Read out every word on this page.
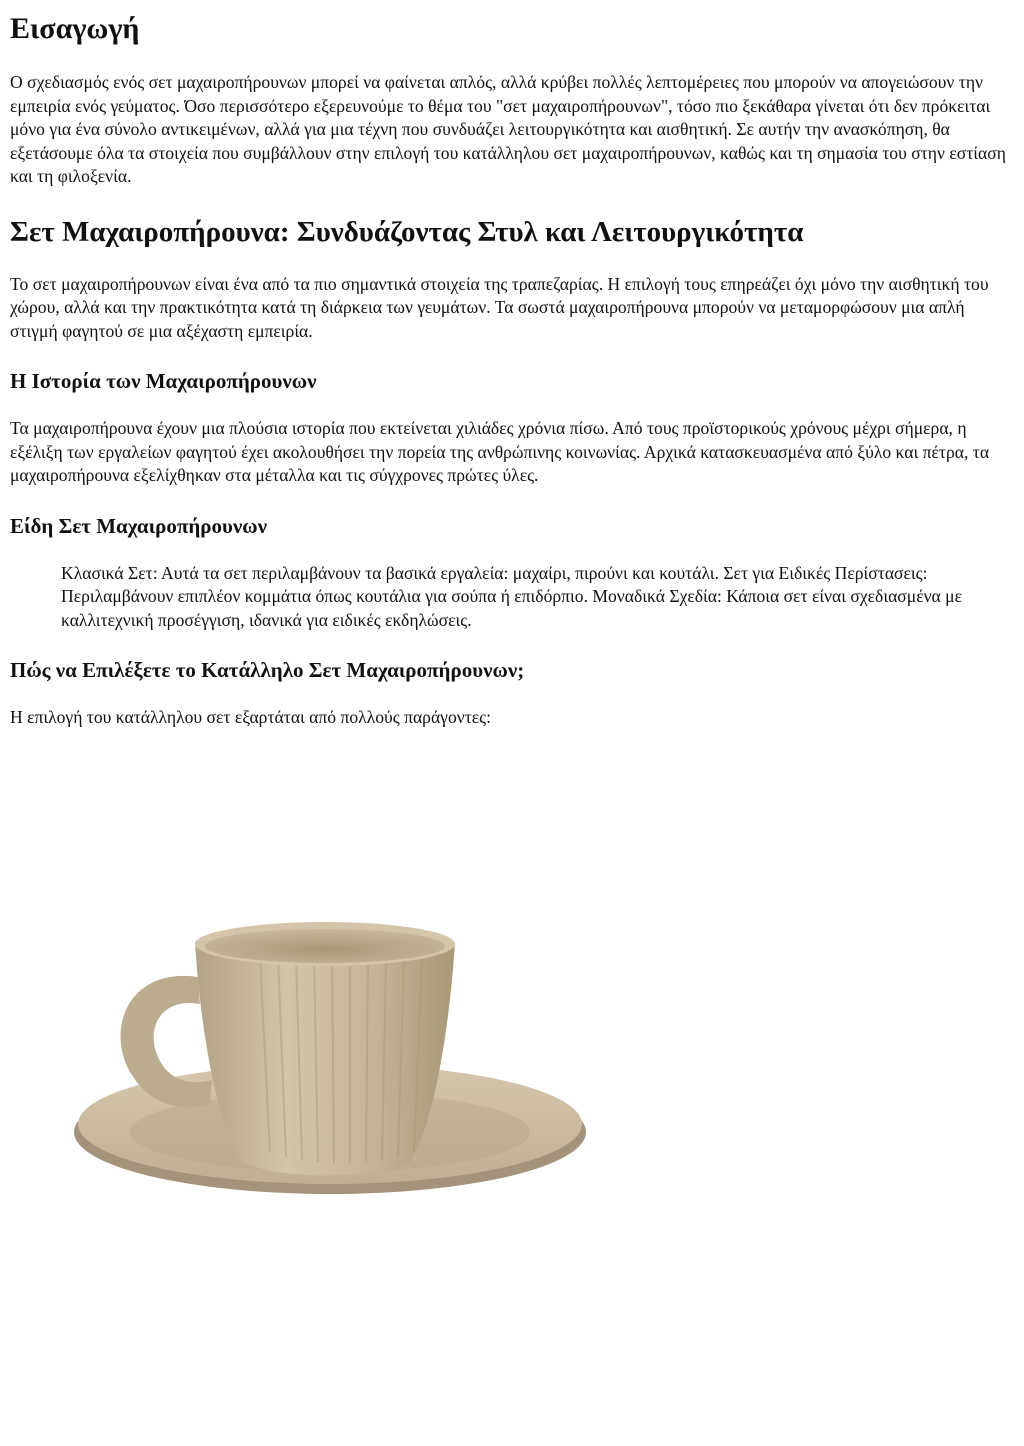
Εισαγωγή

Ο σχεδιασμός ενός σετ μαχαιροπήρουνων μπορεί να φαίνεται απλός, αλλά κρύβει πολλές λεπτομέρειες που μπορούν να απογειώσουν την εμπειρία ενός γεύματος. Όσο περισσότερο εξερευνούμε το θέμα του "σετ μαχαιροπήρουνων", τόσο πιο ξεκάθαρα γίνεται ότι δεν πρόκειται μόνο για ένα σύνολο αντικειμένων, αλλά για μια τέχνη που συνδυάζει λειτουργικότητα και αισθητική. Σε αυτήν την ανασκόπηση, θα εξετάσουμε όλα τα στοιχεία που συμβάλλουν στην επιλογή του κατάλληλου σετ μαχαιροπήρουνων, καθώς και τη σημασία του στην εστίαση και τη φιλοξενία.

Σετ Μαχαιροπήρουνα: Συνδυάζοντας Στυλ και Λειτουργικότητα

Το σετ μαχαιροπήρουνων είναι ένα από τα πιο σημαντικά στοιχεία της τραπεζαρίας. Η επιλογή τους επηρεάζει όχι μόνο την αισθητική του χώρου, αλλά και την πρακτικότητα κατά τη διάρκεια των γευμάτων. Τα σωστά μαχαιροπήρουνα μπορούν να μεταμορφώσουν μια απλή στιγμή φαγητού σε μια αξέχαστη εμπειρία.

Η Ιστορία των Μαχαιροπήρουνων

Τα μαχαιροπήρουνα έχουν μια πλούσια ιστορία που εκτείνεται χιλιάδες χρόνια πίσω. Από τους προϊστορικούς χρόνους μέχρι σήμερα, η εξέλιξη των εργαλείων φαγητού έχει ακολουθήσει την πορεία της ανθρώπινης κοινωνίας. Αρχικά κατασκευασμένα από ξύλο και πέτρα, τα μαχαιροπήρουνα εξελίχθηκαν στα μέταλλα και τις σύγχρονες πρώτες ύλες.

Είδη Σετ Μαχαιροπήρουνων
Κλασικά Σετ: Αυτά τα σετ περιλαμβάνουν τα βασικά εργαλεία: μαχαίρι, πιρούνι και κουτάλι. Σετ για Ειδικές Περίστασεις: Περιλαμβάνουν επιπλέον κομμάτια όπως κουτάλια για σούπα ή επιδόρπιο. Μοναδικά Σχεδία: Κάποια σετ είναι σχεδιασμένα με καλλιτεχνική προσέγγιση, ιδανικά για ειδικές εκδηλώσεις.
Πώς να Επιλέξετε το Κατάλληλο Σετ Μαχαιροπήρουνων;

Η επιλογή του κατάλληλου σετ εξαρτάται από πολλούς παράγοντες:
